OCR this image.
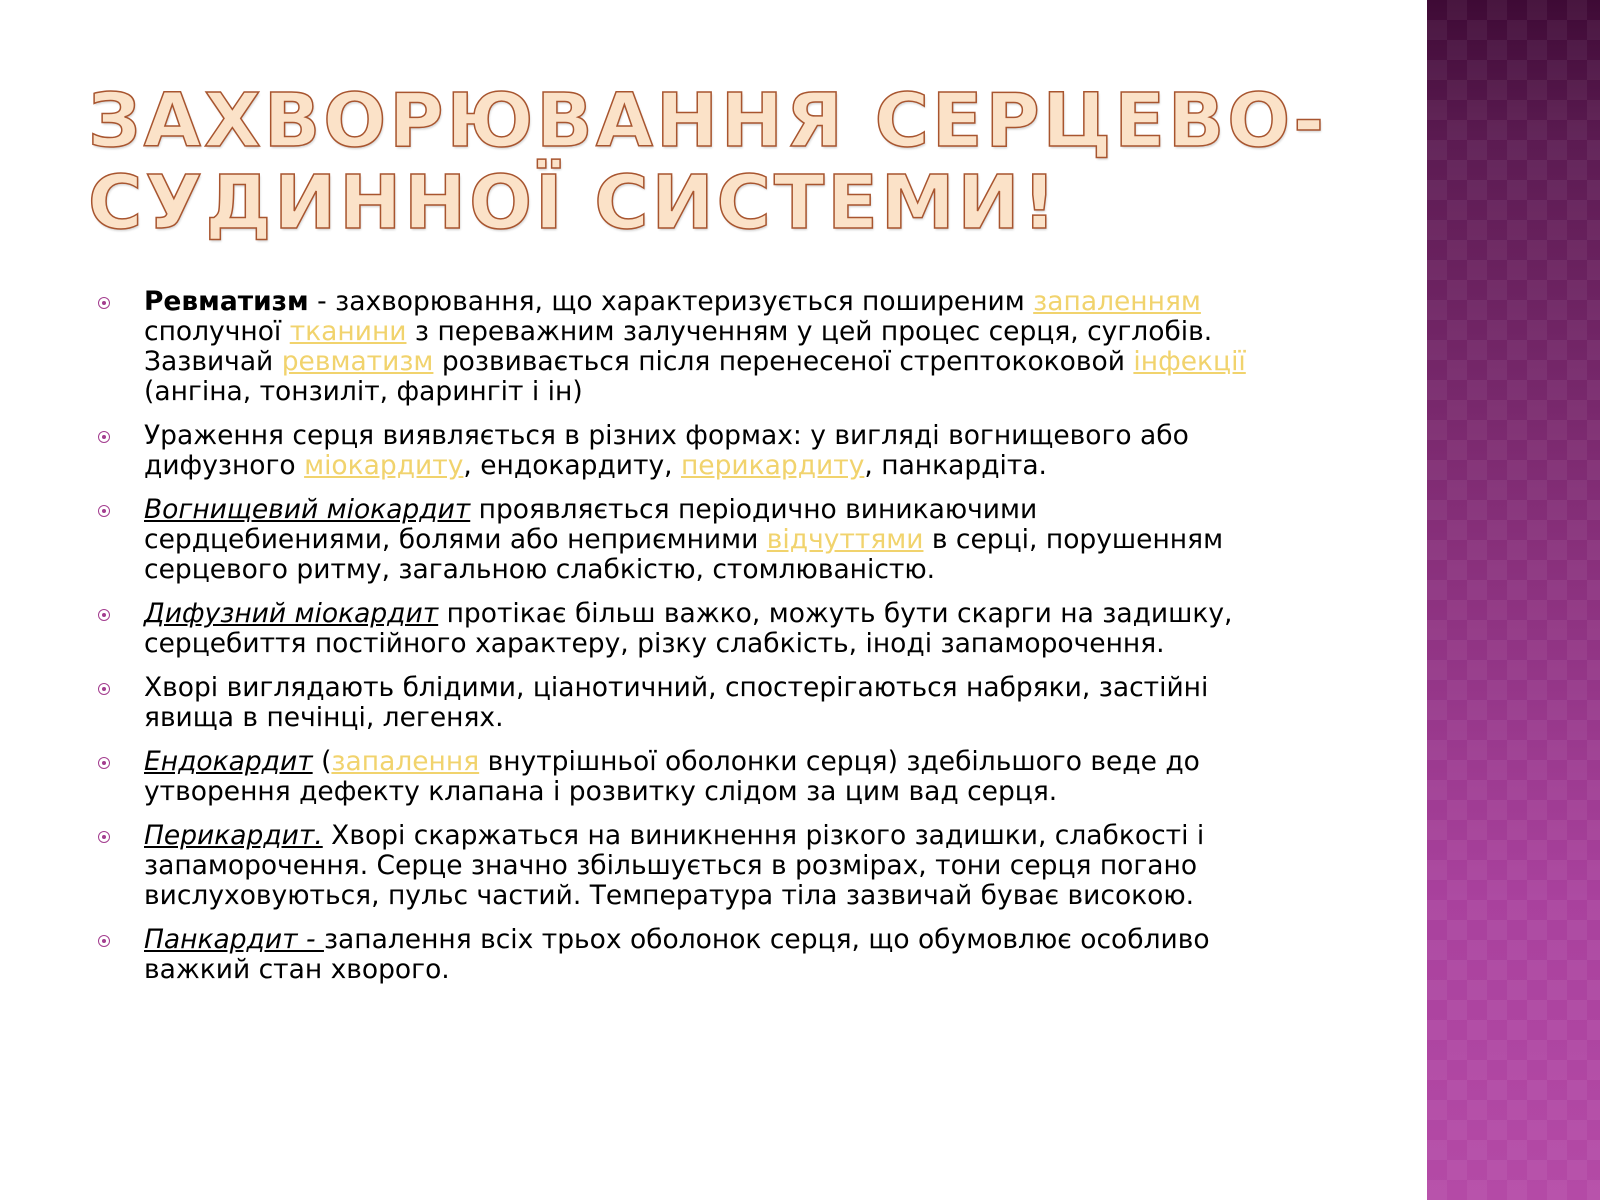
ЗАХВОРЮВАННЯ СЕРЦЕВО-СУДИННОЇ СИСТЕМИ!
Ревматизм - захворювання, що характеризується поширеним запаленням сполучної тканини з переважним залученням у цей процес серця, суглобів. Зазвичай ревматизм розвивається після перенесеної стрептококовой інфекції (ангіна, тонзиліт, фарингіт і ін)
Ураження серця виявляється в різних формах: у вигляді вогнищевого або дифузного міокардиту, ендокардиту, перикардиту, панкардіта.
Вогнищевий міокардит проявляється періодично виникаючими сердцебиениями, болями або неприємними відчуттями в серці, порушенням серцевого ритму, загальною слабкістю, стомлюваністю.
Дифузний міокардит протікає більш важко, можуть бути скарги на задишку, серцебиття постійного характеру, різку слабкість, іноді запаморочення.
Хворі виглядають блідими, ціанотичний, спостерігаються набряки, застійні явища в печінці, легенях.
Ендокардит (запалення внутрішньої оболонки серця) здебільшого веде до утворення дефекту клапана і розвитку слідом за цим вад серця.
Перикардит. Хворі скаржаться на виникнення різкого задишки, слабкості і запаморочення. Серце значно збільшується в розмірах, тони серця погано вислуховуються, пульс частий. Температура тіла зазвичай буває високою.
Панкардит - запалення всіх трьох оболонок серця, що обумовлює особливо важкий стан хворого.
